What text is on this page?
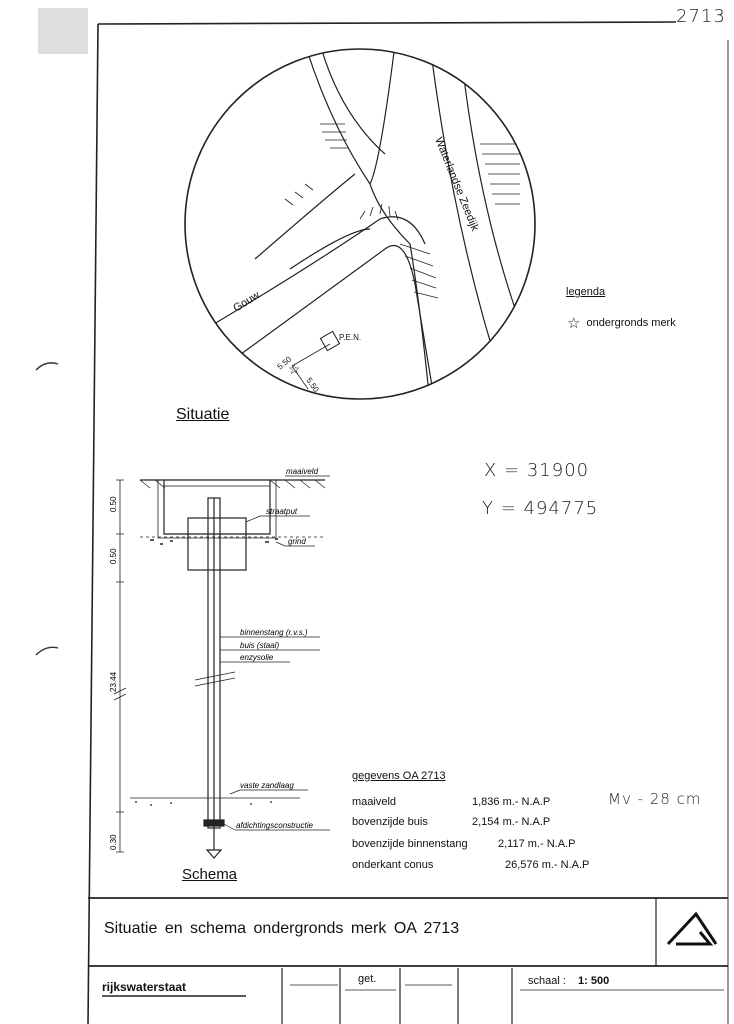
2713
Waterlandse Zeedijk
Gouw
P.E.N.
5.50
5.50
☆
Situatie
legenda
☆ ondergronds merk
X = 31900
Y = 494775
maaiveld
straatput
grind
binnenstang (r.v.s.)
buis (staal)
enzysolie
vaste zandlaag
afdichtingsconstructie
0.50
0.50
23.44
0.30
Schema
gegevens OA 2713
maaiveld	1,836 m.- N.A.P
bovenzijde buis	2,154 m.- N.A.P
bovenzijde binnenstang	2,117 m.- N.A.P
onderkant conus	26,576 m.- N.A.P
Mv - 28 cm
Situatie en schema ondergronds merk OA 2713
rijkswaterstaat
get.	schaal : 1: 500
